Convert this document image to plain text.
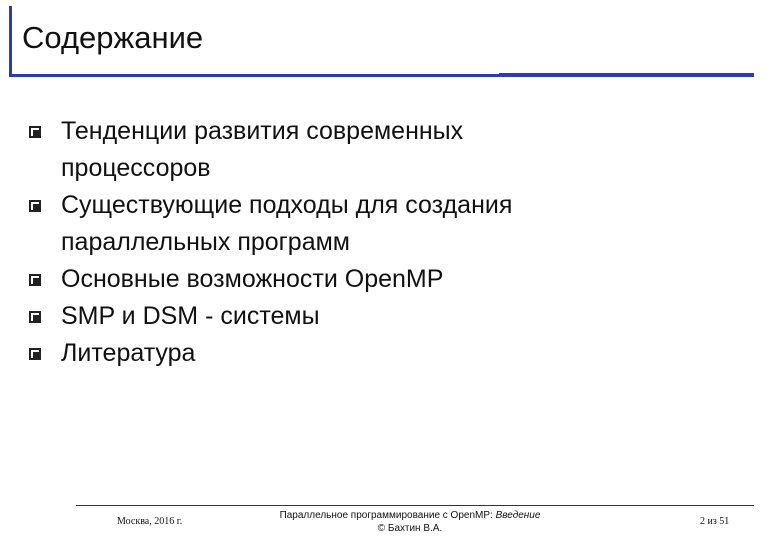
Содержание
Тенденции развития современных
процессоров
Существующие подходы для создания
параллельных программ
Основные возможности OpenMP
SMP и DSM - системы
Литература
Москва, 2016 г.
Параллельное программирование с OpenMP: Введение
© Бахтин В.А.
2 из 51
